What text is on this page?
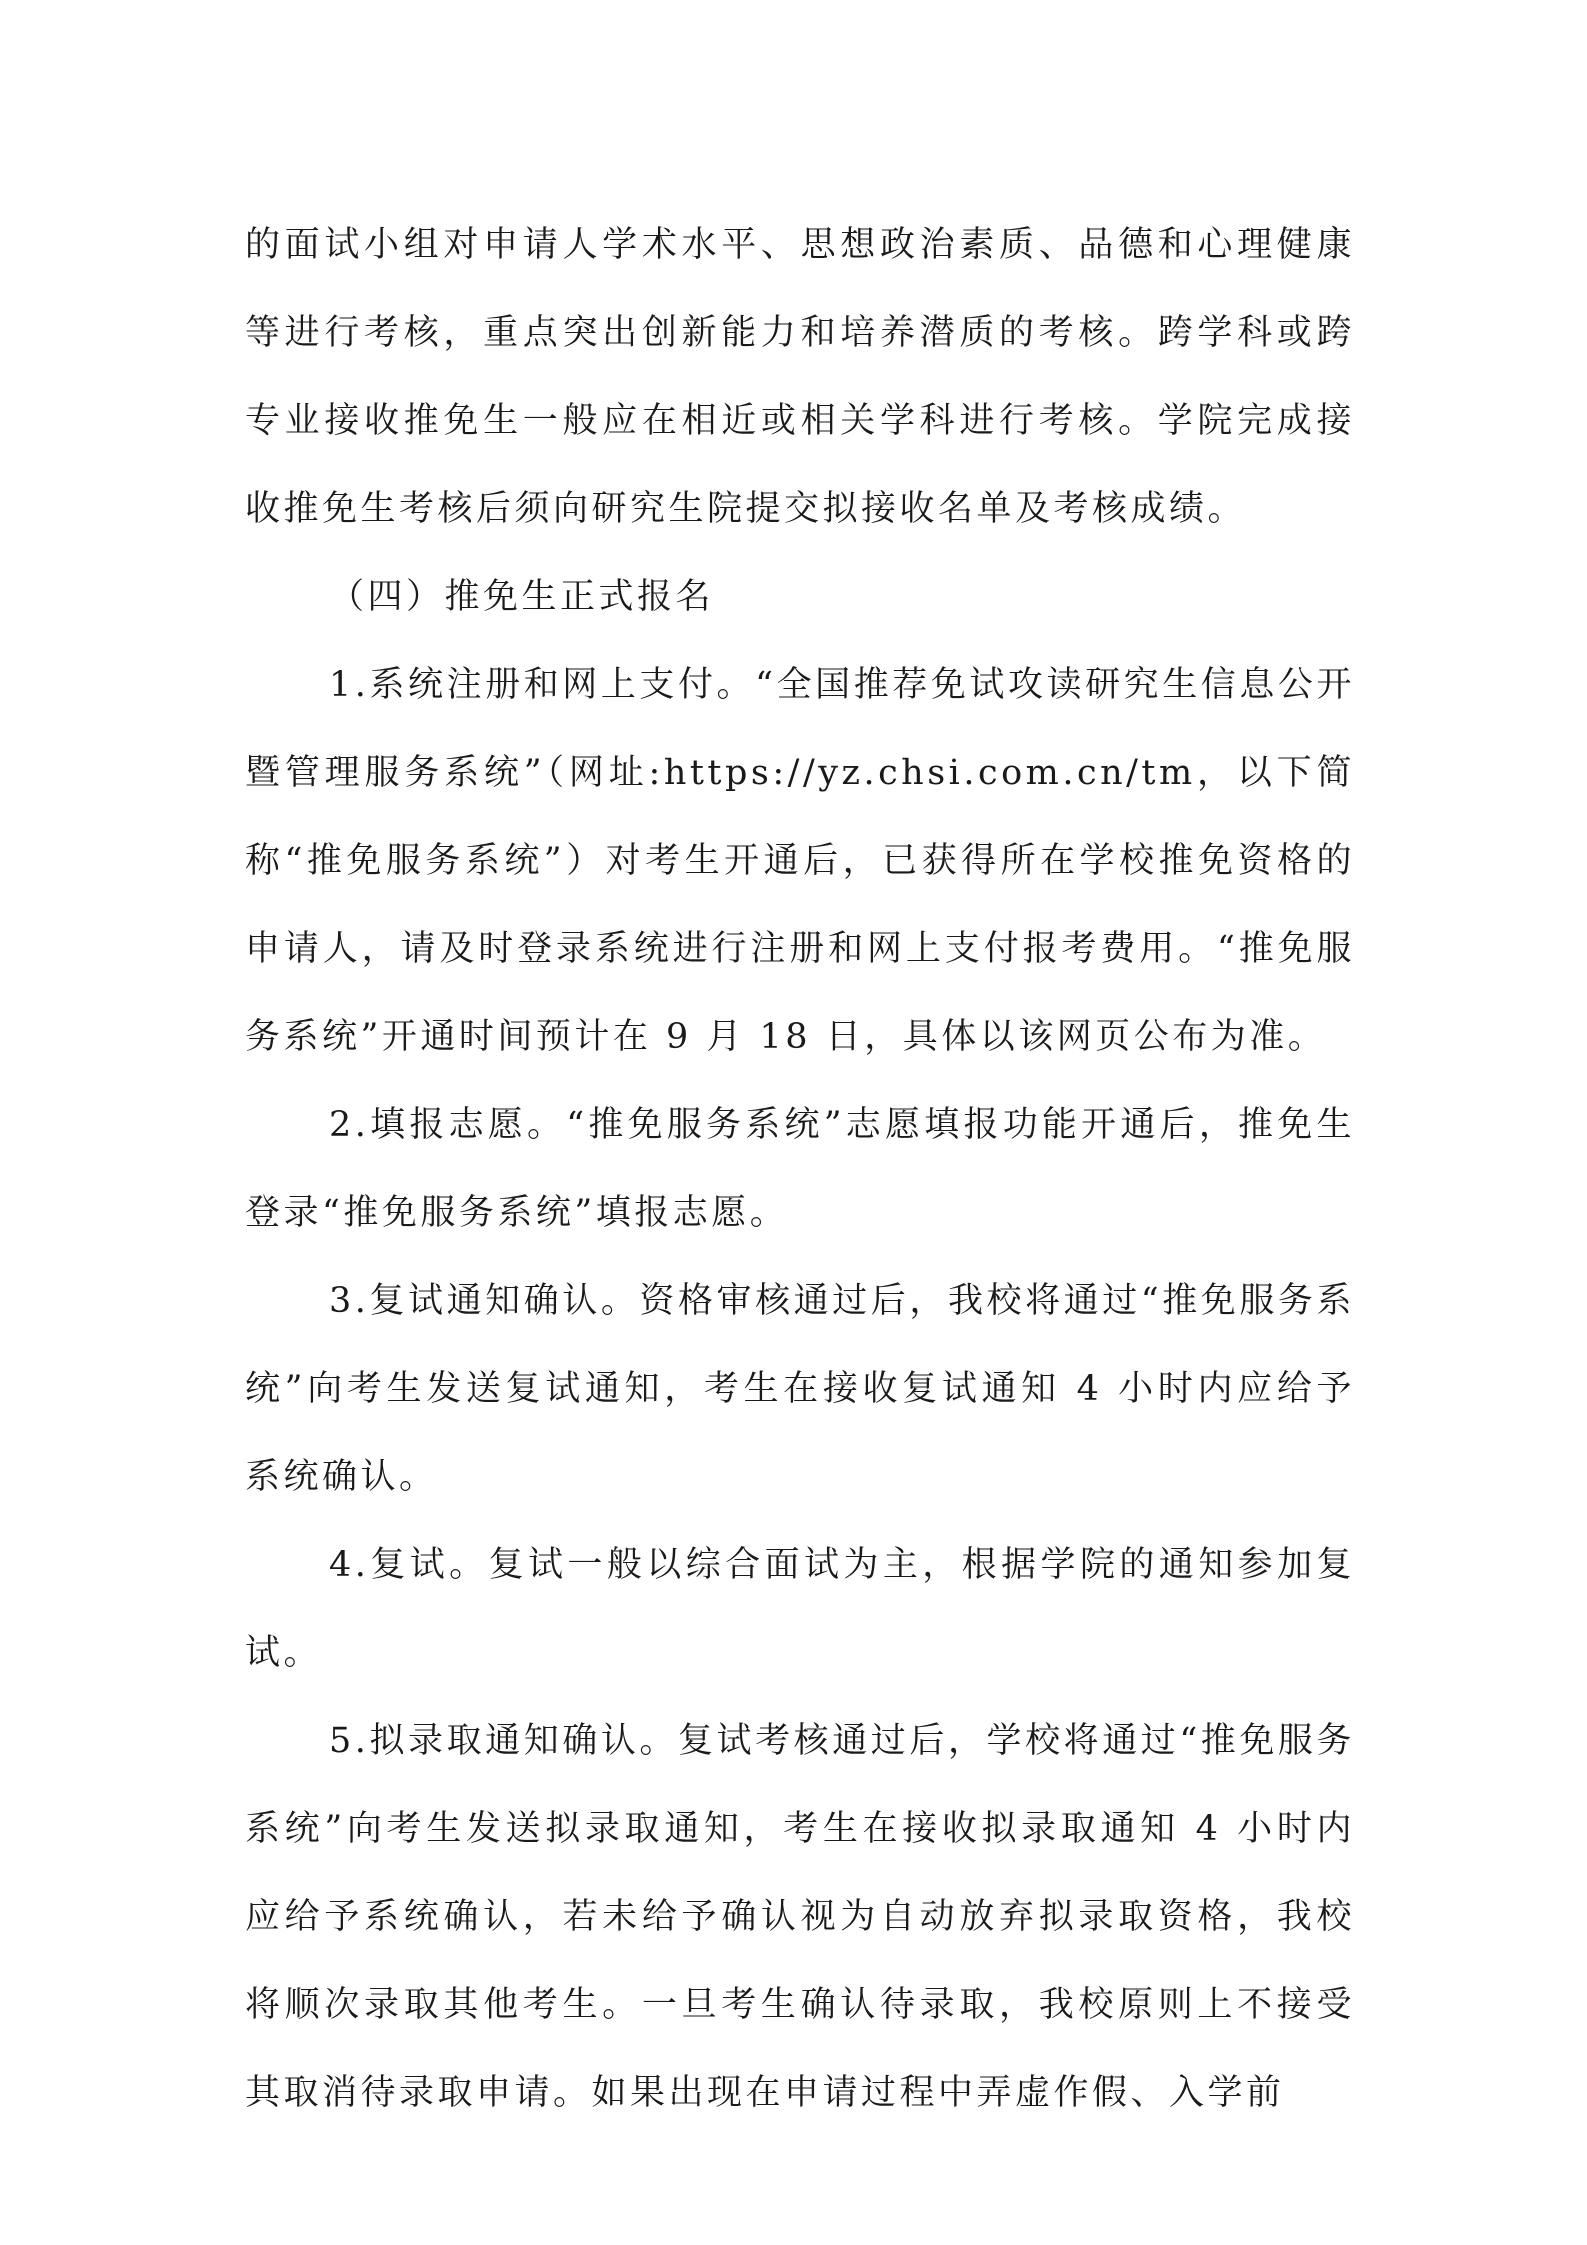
的面试小组对申请人学术水平、思想政治素质、品德和心理健康等进行考核，重点突出创新能力和培养潜质的考核。跨学科或跨专业接收推免生一般应在相近或相关学科进行考核。学院完成接收推免生考核后须向研究生院提交拟接收名单及考核成绩。

（四）推免生正式报名

1.系统注册和网上支付。“全国推荐免试攻读研究生信息公开暨管理服务系统”（网址:https://yz.chsi.com.cn/tm，以下简称“推免服务系统”）对考生开通后，已获得所在学校推免资格的申请人，请及时登录系统进行注册和网上支付报考费用。“推免服务系统”开通时间预计在 9 月 18 日，具体以该网页公布为准。

2.填报志愿。“推免服务系统”志愿填报功能开通后，推免生登录“推免服务系统”填报志愿。

3.复试通知确认。资格审核通过后，我校将通过“推免服务系统”向考生发送复试通知，考生在接收复试通知 4 小时内应给予系统确认。

4.复试。复试一般以综合面试为主，根据学院的通知参加复试。

5.拟录取通知确认。复试考核通过后，学校将通过“推免服务系统”向考生发送拟录取通知，考生在接收拟录取通知 4 小时内应给予系统确认，若未给予确认视为自动放弃拟录取资格，我校将顺次录取其他考生。一旦考生确认待录取，我校原则上不接受其取消待录取申请。如果出现在申请过程中弄虚作假、入学前
